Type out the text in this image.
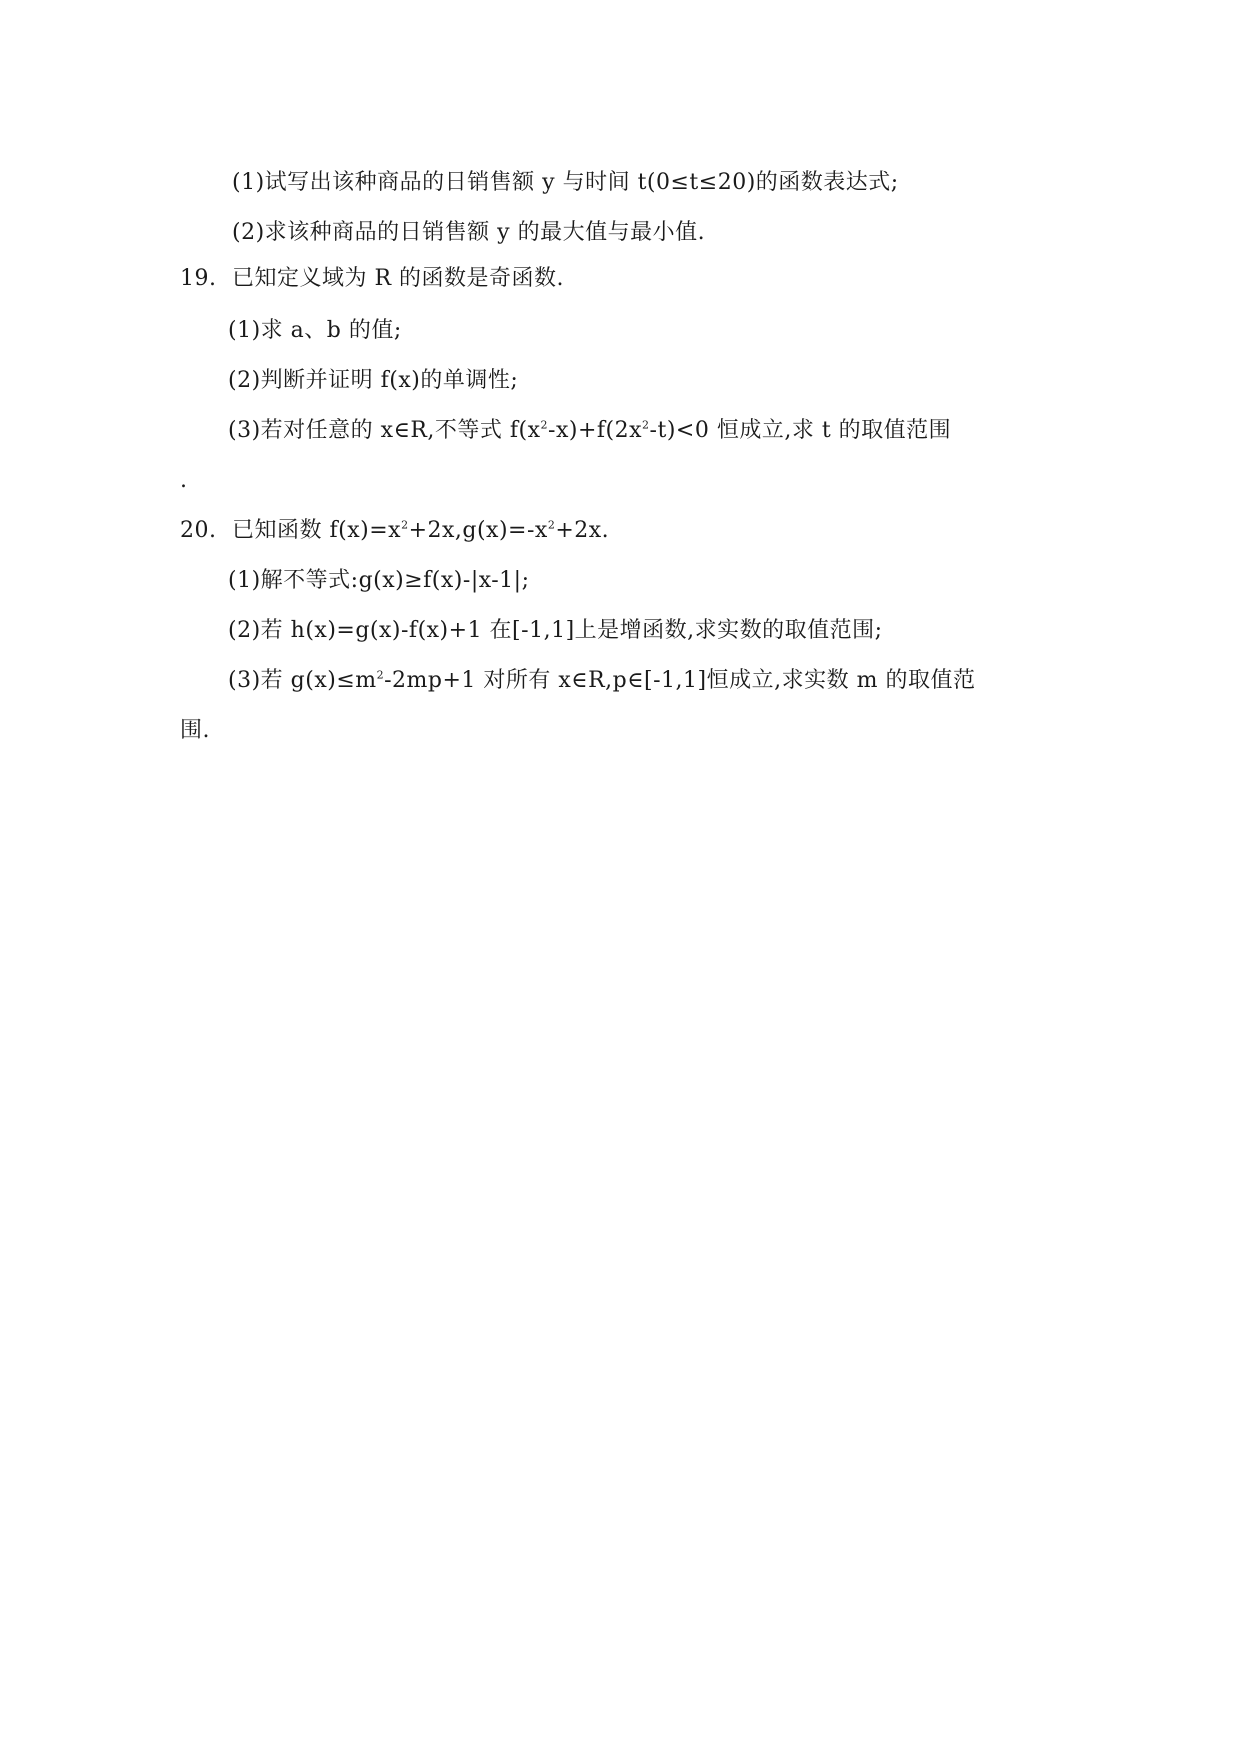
(1)试写出该种商品的日销售额 y 与时间 t(0≤t≤20)的函数表达式;
(2)求该种商品的日销售额 y 的最大值与最小值.
19. 已知定义域为 R 的函数是奇函数.
(1)求 a、b 的值;
(2)判断并证明 f(x)的单调性;
(3)若对任意的 x∈R,不等式 $f(x^2-x)+f(2x^2-t)<0$ 恒成立,求 t 的取值范围
.
20. 已知函数 $f(x)=x^2+2x,g(x)=-x^2+2x$.
(1)解不等式:g(x)≥f(x)-|x-1|;
(2)若 h(x)=g(x)-f(x)+1 在[-1,1]上是增函数,求实数的取值范围;
(3)若 $g(x)\le m^2-2mp+1$ 对所有 x∈R,p∈[-1,1]恒成立,求实数 m 的取值范
围.
